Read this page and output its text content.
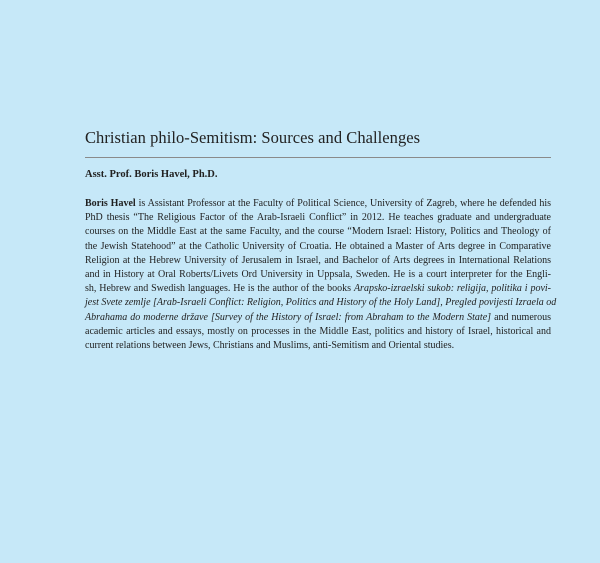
Christian philo-Semitism: Sources and Challenges
Asst. Prof. Boris Havel, Ph.D.
Boris Havel is Assistant Professor at the Faculty of Political Science, University of Zagreb, where he defended his
PhD thesis “The Religious Factor of the Arab-Israeli Conflict” in 2012. He teaches graduate and undergraduate
courses on the Middle East at the same Faculty, and the course “Modern Israel: History, Politics and Theology of
the Jewish Statehood” at the Catholic University of Croatia. He obtained a Master of Arts degree in Comparative
Religion at the Hebrew University of Jerusalem in Israel, and Bachelor of Arts degrees in International Relations
and in History at Oral Roberts/Livets Ord University in Uppsala, Sweden. He is a court interpreter for the Engli-
sh, Hebrew and Swedish languages. He is the author of the books Arapsko-izraelski sukob: religija, politika i povi-
jest Svete zemlje [Arab-Israeli Conflict: Religion, Politics and History of the Holy Land], Pregled povijesti Izraela od
Abrahama do moderne države [Survey of the History of Israel: from Abraham to the Modern State] and numerous
academic articles and essays, mostly on processes in the Middle East, politics and history of Israel, historical and
current relations between Jews, Christians and Muslims, anti-Semitism and Oriental studies.
